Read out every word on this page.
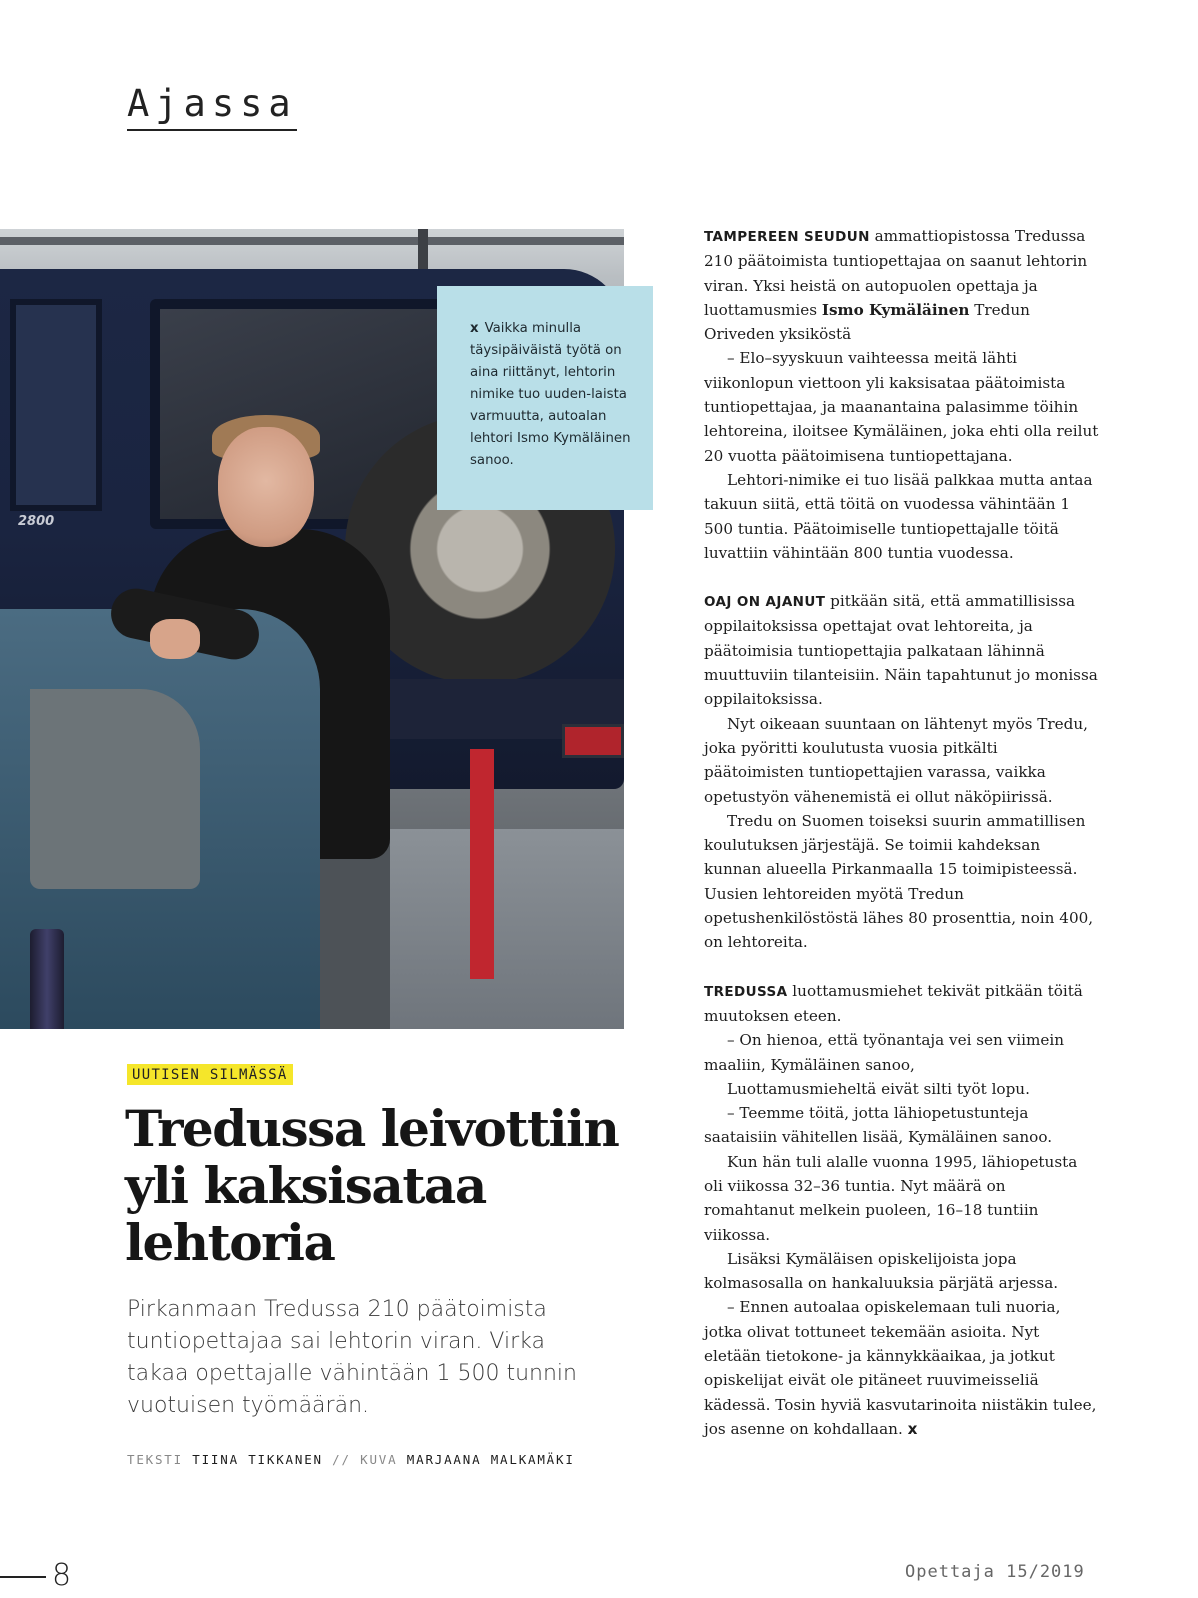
Ajassa
2800
x Vaikka minulla täysipäiväistä työtä on aina riittänyt, lehtorin nimike tuo uuden-laista varmuutta, autoalan lehtori Ismo Kymäläinen sanoo.

TAMPEREEN SEUDUN ammattiopistossa Tredussa 210 päätoimista tuntiopettajaa on saanut lehtorin viran. Yksi heistä on autopuolen opettaja ja luottamusmies Ismo Kymäläinen Tredun Oriveden yksiköstä

– Elo–syyskuun vaihteessa meitä lähti viikonlopun viettoon yli kaksisataa päätoimista tuntiopettajaa, ja maanantaina palasimme töihin lehtoreina, iloitsee Kymäläinen, joka ehti olla reilut 20 vuotta päätoimisena tuntiopettajana.

Lehtori-nimike ei tuo lisää palkkaa mutta antaa takuun siitä, että töitä on vuodessa vähintään 1 500 tuntia. Päätoimiselle tuntiopettajalle töitä luvattiin vähintään 800 tuntia vuodessa.

OAJ ON AJANUT pitkään sitä, että ammatillisissa oppilaitoksissa opettajat ovat lehtoreita, ja päätoimisia tuntiopettajia palkataan lähinnä muuttuviin tilanteisiin. Näin tapahtunut jo monissa oppilaitoksissa.

Nyt oikeaan suuntaan on lähtenyt myös Tredu, joka pyöritti koulutusta vuosia pitkälti päätoimisten tuntiopettajien varassa, vaikka opetustyön vähenemistä ei ollut näköpiirissä.

Tredu on Suomen toiseksi suurin ammatillisen koulutuksen järjestäjä. Se toimii kahdeksan kunnan alueella Pirkanmaalla 15 toimipisteessä. Uusien lehtoreiden myötä Tredun opetushenkilöstöstä lähes 80 prosenttia, noin 400, on lehtoreita.

TREDUSSA luottamusmiehet tekivät pitkään töitä muutoksen eteen.

– On hienoa, että työnantaja vei sen viimein maaliin, Kymäläinen sanoo,

Luottamusmieheltä eivät silti työt lopu.

– Teemme töitä, jotta lähiopetustunteja saataisiin vähitellen lisää, Kymäläinen sanoo.

Kun hän tuli alalle vuonna 1995, lähiopetusta oli viikossa 32–36 tuntia. Nyt määrä on romahtanut melkein puoleen, 16–18 tuntiin viikossa.

Lisäksi Kymäläisen opiskelijoista jopa kolmasosalla on hankaluuksia pärjätä arjessa.

– Ennen autoalaa opiskelemaan tuli nuoria, jotka olivat tottuneet tekemään asioita. Nyt eletään tietokone- ja kännykkäaikaa, ja jotkut opiskelijat eivät ole pitäneet ruuvimeisseliä kädessä. Tosin hyviä kasvutarinoita niistäkin tulee, jos asenne on kohdallaan. x

UUTISEN SILMÄSSÄ
Tredussa leivottiin yli kaksisataa lehtoria
Pirkanmaan Tredussa 210 päätoimista tuntiopettajaa sai lehtorin viran. Virka takaa opettajalle vähintään 1 500 tunnin vuotuisen työmäärän.
TEKSTI TIINA TIKKANEN // KUVA MARJAANA MALKAMÄKI
8	Opettaja 15/2019
